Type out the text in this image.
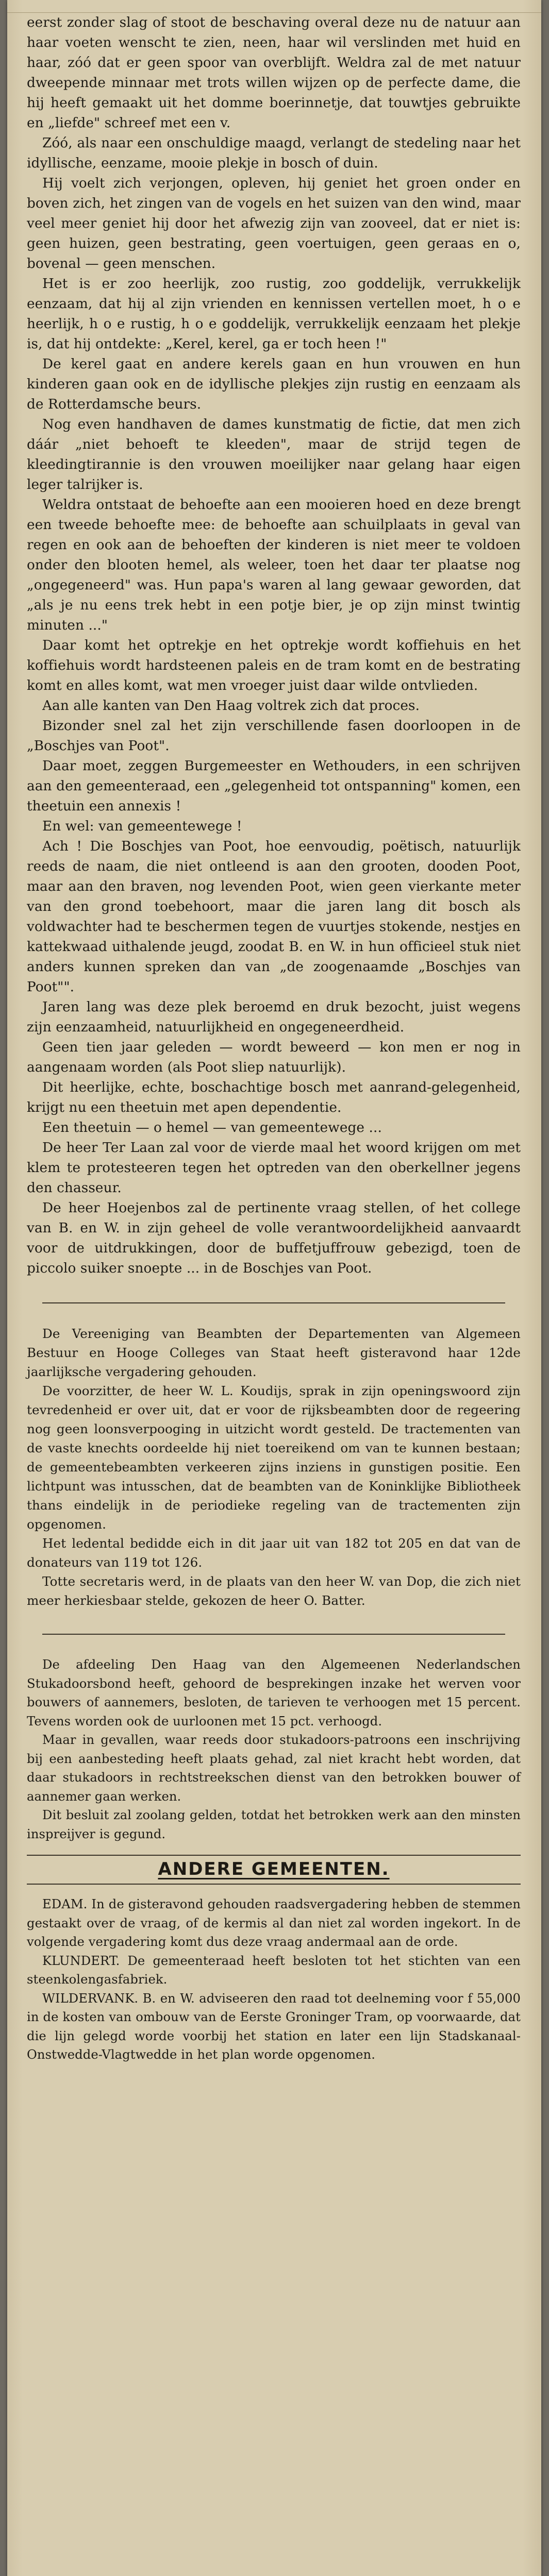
eerst zonder slag of stoot de beschaving overal deze nu de natuur aan haar voeten wenscht te zien, neen, haar wil verslinden met huid en haar, zóó dat er geen spoor van overblijft. Weldra zal de met natuur dweepende minnaar met trots willen wijzen op de perfecte dame, die hij heeft gemaakt uit het domme boerinnetje, dat touwtjes gebruikte en „liefde" schreef met een v.

Zóó, als naar een onschuldige maagd, verlangt de stedeling naar het idyllische, eenzame, mooie plekje in bosch of duin.

Hij voelt zich verjongen, opleven, hij geniet het groen onder en boven zich, het zingen van de vogels en het suizen van den wind, maar veel meer geniet hij door het afwezig zijn van zooveel, dat er niet is: geen huizen, geen bestrating, geen voertuigen, geen geraas en o, bovenal — geen menschen.

Het is er zoo heerlijk, zoo rustig, zoo goddelijk, verrukkelijk eenzaam, dat hij al zijn vrienden en kennissen vertellen moet, h o e heerlijk, h o e rustig, h o e goddelijk, verrukkelijk eenzaam het plekje is, dat hij ontdekte: „Kerel, kerel, ga er toch heen !"

De kerel gaat en andere kerels gaan en hun vrouwen en hun kinderen gaan ook en de idyllische plekjes zijn rustig en eenzaam als de Rotterdamsche beurs.

Nog even handhaven de dames kunstmatig de fictie, dat men zich dáár „niet behoeft te kleeden", maar de strijd tegen de kleedingtirannie is den vrouwen moeilijker naar gelang haar eigen leger talrijker is.

Weldra ontstaat de behoefte aan een mooieren hoed en deze brengt een tweede behoefte mee: de behoefte aan schuilplaats in geval van regen en ook aan de behoeften der kinderen is niet meer te voldoen onder den blooten hemel, als weleer, toen het daar ter plaatse nog „ongegeneerd" was. Hun papa's waren al lang gewaar geworden, dat „als je nu eens trek hebt in een potje bier, je op zijn minst twintig minuten ..."

Daar komt het optrekje en het optrekje wordt koffiehuis en het koffiehuis wordt hardsteenen paleis en de tram komt en de bestrating komt en alles komt, wat men vroeger juist daar wilde ontvlieden.

Aan alle kanten van Den Haag voltrek zich dat proces.

Bizonder snel zal het zijn verschillende fasen doorloopen in de „Boschjes van Poot".

Daar moet, zeggen Burgemeester en Wethouders, in een schrijven aan den gemeenteraad, een „gelegenheid tot ontspanning" komen, een theetuin een annexis !

En wel: van gemeentewege !

Ach ! Die Boschjes van Poot, hoe eenvoudig, poëtisch, natuurlijk reeds de naam, die niet ontleend is aan den grooten, dooden Poot, maar aan den braven, nog levenden Poot, wien geen vierkante meter van den grond toebehoort, maar die jaren lang dit bosch als voldwachter had te beschermen tegen de vuurtjes stokende, nestjes en kattekwaad uithalende jeugd, zoodat B. en W. in hun officieel stuk niet anders kunnen spreken dan van „de zoogenaamde „Boschjes van Poot"".

Jaren lang was deze plek beroemd en druk bezocht, juist wegens zijn eenzaamheid, natuurlijkheid en ongegeneerdheid.

Geen tien jaar geleden — wordt beweerd — kon men er nog in aangenaam worden (als Poot sliep natuurlijk).

Dit heerlijke, echte, boschachtige bosch met aanrand-gelegenheid, krijgt nu een theetuin met apen dependentie.

Een theetuin — o hemel — van gemeentewege ...

De heer Ter Laan zal voor de vierde maal het woord krijgen om met klem te protesteeren tegen het optreden van den oberkellner jegens den chasseur.

De heer Hoejenbos zal de pertinente vraag stellen, of het college van B. en W. in zijn geheel de volle verantwoordelijkheid aanvaardt voor de uitdrukkingen, door de buffetjuffrouw gebezigd, toen de piccolo suiker snoepte ... in de Boschjes van Poot.

De Vereeniging van Beambten der Departementen van Algemeen Bestuur en Hooge Colleges van Staat heeft gisteravond haar 12de jaarlijksche vergadering gehouden.

De voorzitter, de heer W. L. Koudijs, sprak in zijn openingswoord zijn tevredenheid er over uit, dat er voor de rijksbeambten door de regeering nog geen loonsverpooging in uitzicht wordt gesteld. De tractementen van de vaste knechts oordeelde hij niet toereikend om van te kunnen bestaan; de gemeentebeambten verkeeren zijns inziens in gunstigen positie. Een lichtpunt was intusschen, dat de beambten van de Koninklijke Bibliotheek thans eindelijk in de periodieke regeling van de tractementen zijn opgenomen.

Het ledental bedidde eich in dit jaar uit van 182 tot 205 en dat van de donateurs van 119 tot 126.

Totte secretaris werd, in de plaats van den heer W. van Dop, die zich niet meer herkiesbaar stelde, gekozen de heer O. Batter.

De afdeeling Den Haag van den Algemeenen Nederlandschen Stukadoorsbond heeft, gehoord de besprekingen inzake het werven voor bouwers of aannemers, besloten, de tarieven te verhoogen met 15 percent. Tevens worden ook de uurloonen met 15 pct. verhoogd.

Maar in gevallen, waar reeds door stukadoors-patroons een inschrijving bij een aanbesteding heeft plaats gehad, zal niet kracht hebt worden, dat daar stukadoors in rechtstreekschen dienst van den betrokken bouwer of aannemer gaan werken.

Dit besluit zal zoolang gelden, totdat het betrokken werk aan den minsten inspreijver is gegund.

ANDERE GEMEENTEN.

EDAM. In de gisteravond gehouden raadsvergadering hebben de stemmen gestaakt over de vraag, of de kermis al dan niet zal worden ingekort. In de volgende vergadering komt dus deze vraag andermaal aan de orde.

KLUNDERT. De gemeenteraad heeft besloten tot het stichten van een steenkolengasfabriek.

WILDERVANK. B. en W. adviseeren den raad tot deelneming voor f 55,000 in de kosten van ombouw van de Eerste Groninger Tram, op voorwaarde, dat die lijn gelegd worde voorbij het station en later een lijn Stadskanaal-Onstwedde-Vlagtwedde in het plan worde opgenomen.
